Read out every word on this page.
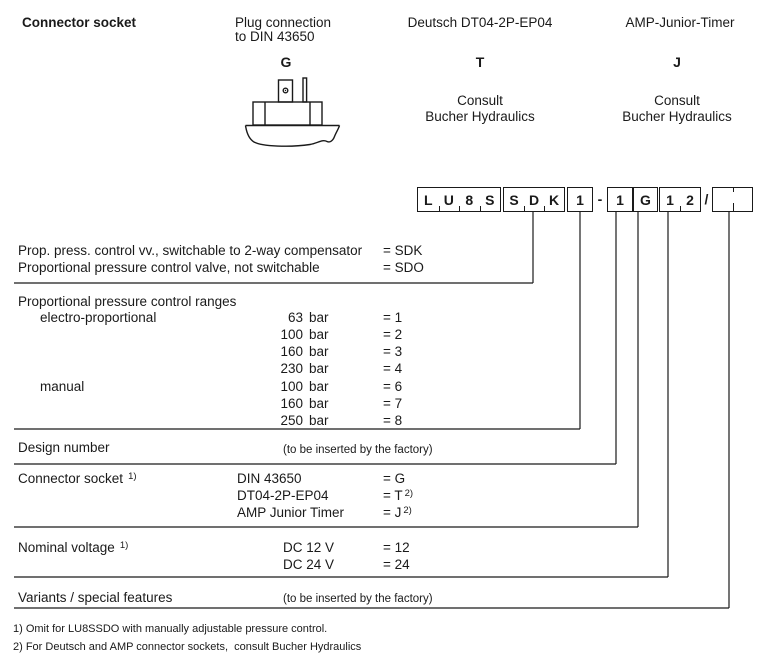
Connector socket	Plug connection
to DIN 43650
G
Deutsch DT04-2P-EP04
T
Consult
Bucher Hydraulics
AMP-Junior-Timer
J
Consult
Bucher Hydraulics
L U 8 S	S D K	1 - 1	G	1 2 /
Prop. press. control vv., switchable to 2-way compensator = SDK
Proportional pressure control valve, not switchable	= SDO
Proportional pressure control ranges
electro-proportional	63 bar	= 1
100 bar	= 2
160 bar	= 3
230 bar	= 4
manual	100 bar	= 6
160 bar	= 7
250 bar	= 8
Design number	(to be inserted by the factory)
Connector socket $^{1)}$	DIN 43650	= G
DT04-2P-EP04	= T $^{2)}$
AMP Junior Timer	= J $^{2)}$
Nominal voltage $^{1)}$	DC 12 V	= 12
DC 24 V	= 24
Variants / special features	(to be inserted by the factory)
1) Omit for LU8SSDO with manually adjustable pressure control.
2) For Deutsch and AMP connector sockets,  consult Bucher Hydraulics
